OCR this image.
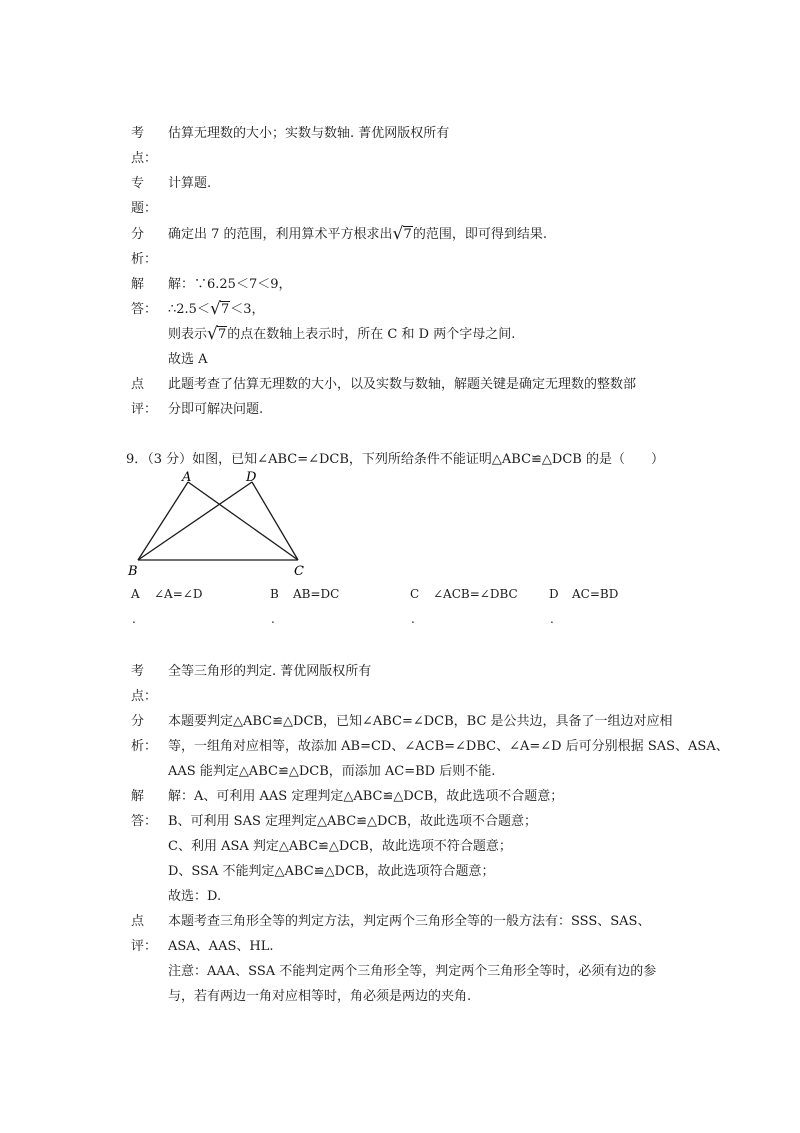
考
点：
估算无理数的大小；实数与数轴. 菁优网版权所有
专
题：
计算题.
分
析：
确定出 7 的范围，利用算术平方根求出 √ 7的范围，即可得到结果.
解
答：
解：∵6.25＜7＜9，
∴2.5＜ √ 7＜3，
则表示 √ 7的点在数轴上表示时，所在 C 和 D 两个字母之间.
故选 A
点
评：
此题考查了估算无理数的大小，以及实数与数轴，解题关键是确定无理数的整数部
分即可解决问题.
9．（3 分）如图，已知∠ABC=∠DCB，下列所给条件不能证明△ABC≌△DCB 的是（　　）
A	D
B	C
A ∠A=∠D	B AB=DC	C ∠ACB=∠DBC	D AC=BD
.	.	.	.
考
点：
全等三角形的判定. 菁优网版权所有
分
析：
本题要判定△ABC≌△DCB，已知∠ABC=∠DCB，BC 是公共边，具备了一组边对应相
等，一组角对应相等，故添加 AB=CD、∠ACB=∠DBC、∠A=∠D 后可分别根据 SAS、ASA、
AAS 能判定△ABC≌△DCB，而添加 AC=BD 后则不能.
解
答：
解：A、可利用 AAS 定理判定△ABC≌△DCB，故此选项不合题意；
B、可利用 SAS 定理判定△ABC≌△DCB，故此选项不合题意；
C、利用 ASA 判定△ABC≌△DCB，故此选项不符合题意；
D、SSA 不能判定△ABC≌△DCB，故此选项符合题意；
故选：D.
点
评：
本题考查三角形全等的判定方法，判定两个三角形全等的一般方法有：SSS、SAS、
ASA、AAS、HL.
注意：AAA、SSA 不能判定两个三角形全等，判定两个三角形全等时，必须有边的参
与，若有两边一角对应相等时，角必须是两边的夹角.
